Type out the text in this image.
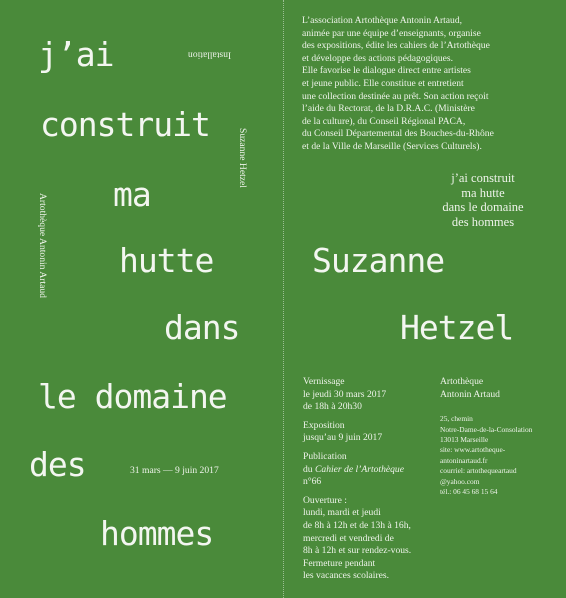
j’ai
construit
ma
hutte
dans
le domaine
des
hommes
Installation
Suzanne Hetzel
Artothèque Antonin Artaud
31 mars — 9 juin 2017
L’association Artothèque Antonin Artaud,
animée par une équipe d’enseignants, organise
des expositions, édite les cahiers de l’Artothèque
et développe des actions pédagogiques.
Elle favorise le dialogue direct entre artistes
et jeune public. Elle constitue et entretient
une collection destinée au prêt. Son action reçoit
l’aide du Rectorat, de la D.R.A.C. (Ministère
de la culture), du Conseil Régional PACA,
du Conseil Départemental des Bouches-du-Rhône
et de la Ville de Marseille (Services Culturels).
j’ai construit
ma hutte
dans le domaine
des hommes
Suzanne
Hetzel
Vernissage
le jeudi 30 mars 2017
de 18h à 20h30
Exposition
jusqu’au 9 juin 2017
Publication
du Cahier de l’Artothèque
n°66
Ouverture :
lundi, mardi et jeudi
de 8h à 12h et de 13h à 16h,
mercredi et vendredi de
8h à 12h et sur rendez-vous.
Fermeture pendant
les vacances scolaires.
Artothèque
Antonin Artaud
25, chemin
Notre-Dame-de-la-Consolation
13013 Marseille
site: www.artotheque-
antoninartaud.fr
courriel: artothequeartaud
@yahoo.com
tél.: 06 45 68 15 64
